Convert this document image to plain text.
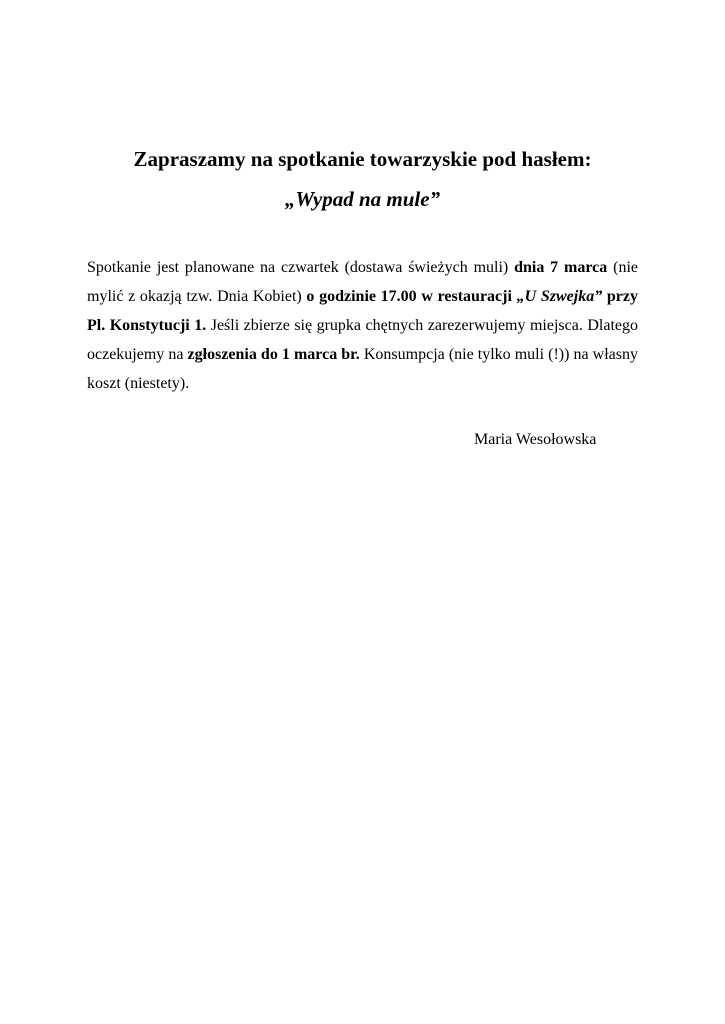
Zapraszamy na spotkanie towarzyskie pod hasłem:
„Wypad na mule”

Spotkanie jest planowane na czwartek (dostawa świeżych muli) dnia 7 marca (nie mylić z okazją tzw. Dnia Kobiet) o godzinie 17.00 w restauracji „U Szwejka” przy Pl. Konstytucji 1. Jeśli zbierze się grupka chętnych zarezerwujemy miejsca. Dlatego oczekujemy na zgłoszenia do 1 marca br. Konsumpcja (nie tylko muli (!)) na własny koszt (niestety).

Maria Wesołowska
